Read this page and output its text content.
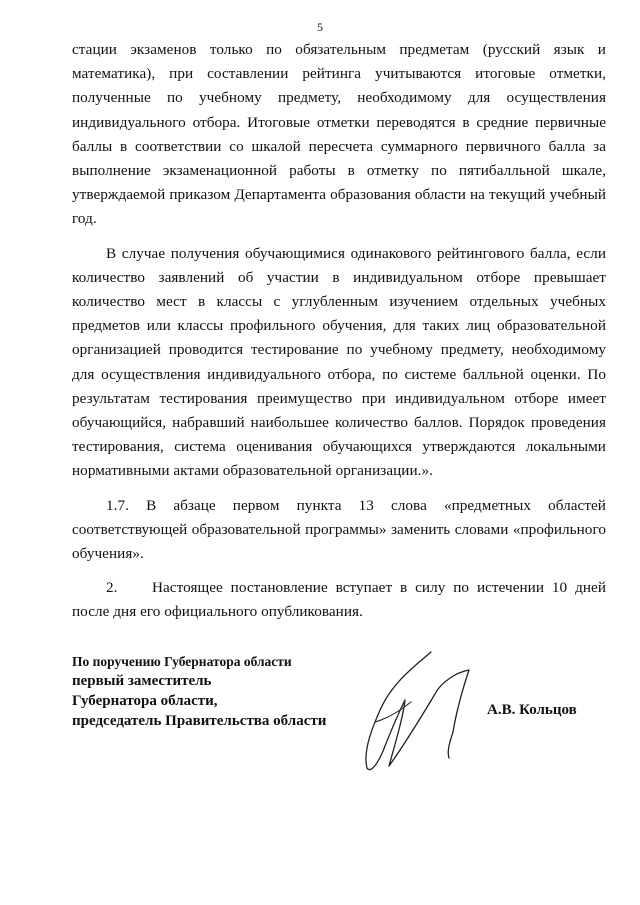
5

стации экзаменов только по обязательным предметам (русский язык и математика), при составлении рейтинга учитываются итоговые отметки, полученные по учебному предмету, необходимому для осуществления индивидуального отбора. Итоговые отметки переводятся в средние первичные баллы в соответствии со шкалой пересчета суммарного первичного балла за выполнение экзаменационной работы в отметку по пятибалльной шкале, утверждаемой приказом Департамента образования области на текущий учебный год.

В случае получения обучающимися одинакового рейтингового балла, если количество заявлений об участии в индивидуальном отборе превышает количество мест в классы с углубленным изучением отдельных учебных предметов или классы профильного обучения, для таких лиц образовательной организацией проводится тестирование по учебному предмету, необходимому для осуществления индивидуального отбора, по системе балльной оценки. По результатам тестирования преимущество при индивидуальном отборе имеет обучающийся, набравший наибольшее количество баллов. Порядок проведения тестирования, система оценивания обучающихся утверждаются локальными нормативными актами образовательной организации.».

1.7. В абзаце первом пункта 13 слова «предметных областей соответствующей образовательной программы» заменить словами «профильного обучения».

2. Настоящее постановление вступает в силу по истечении 10 дней после дня его официального опубликования.

По поручению Губернатора области
первый заместитель
Губернатора области,
председатель Правительства области
А.В. Кольцов
